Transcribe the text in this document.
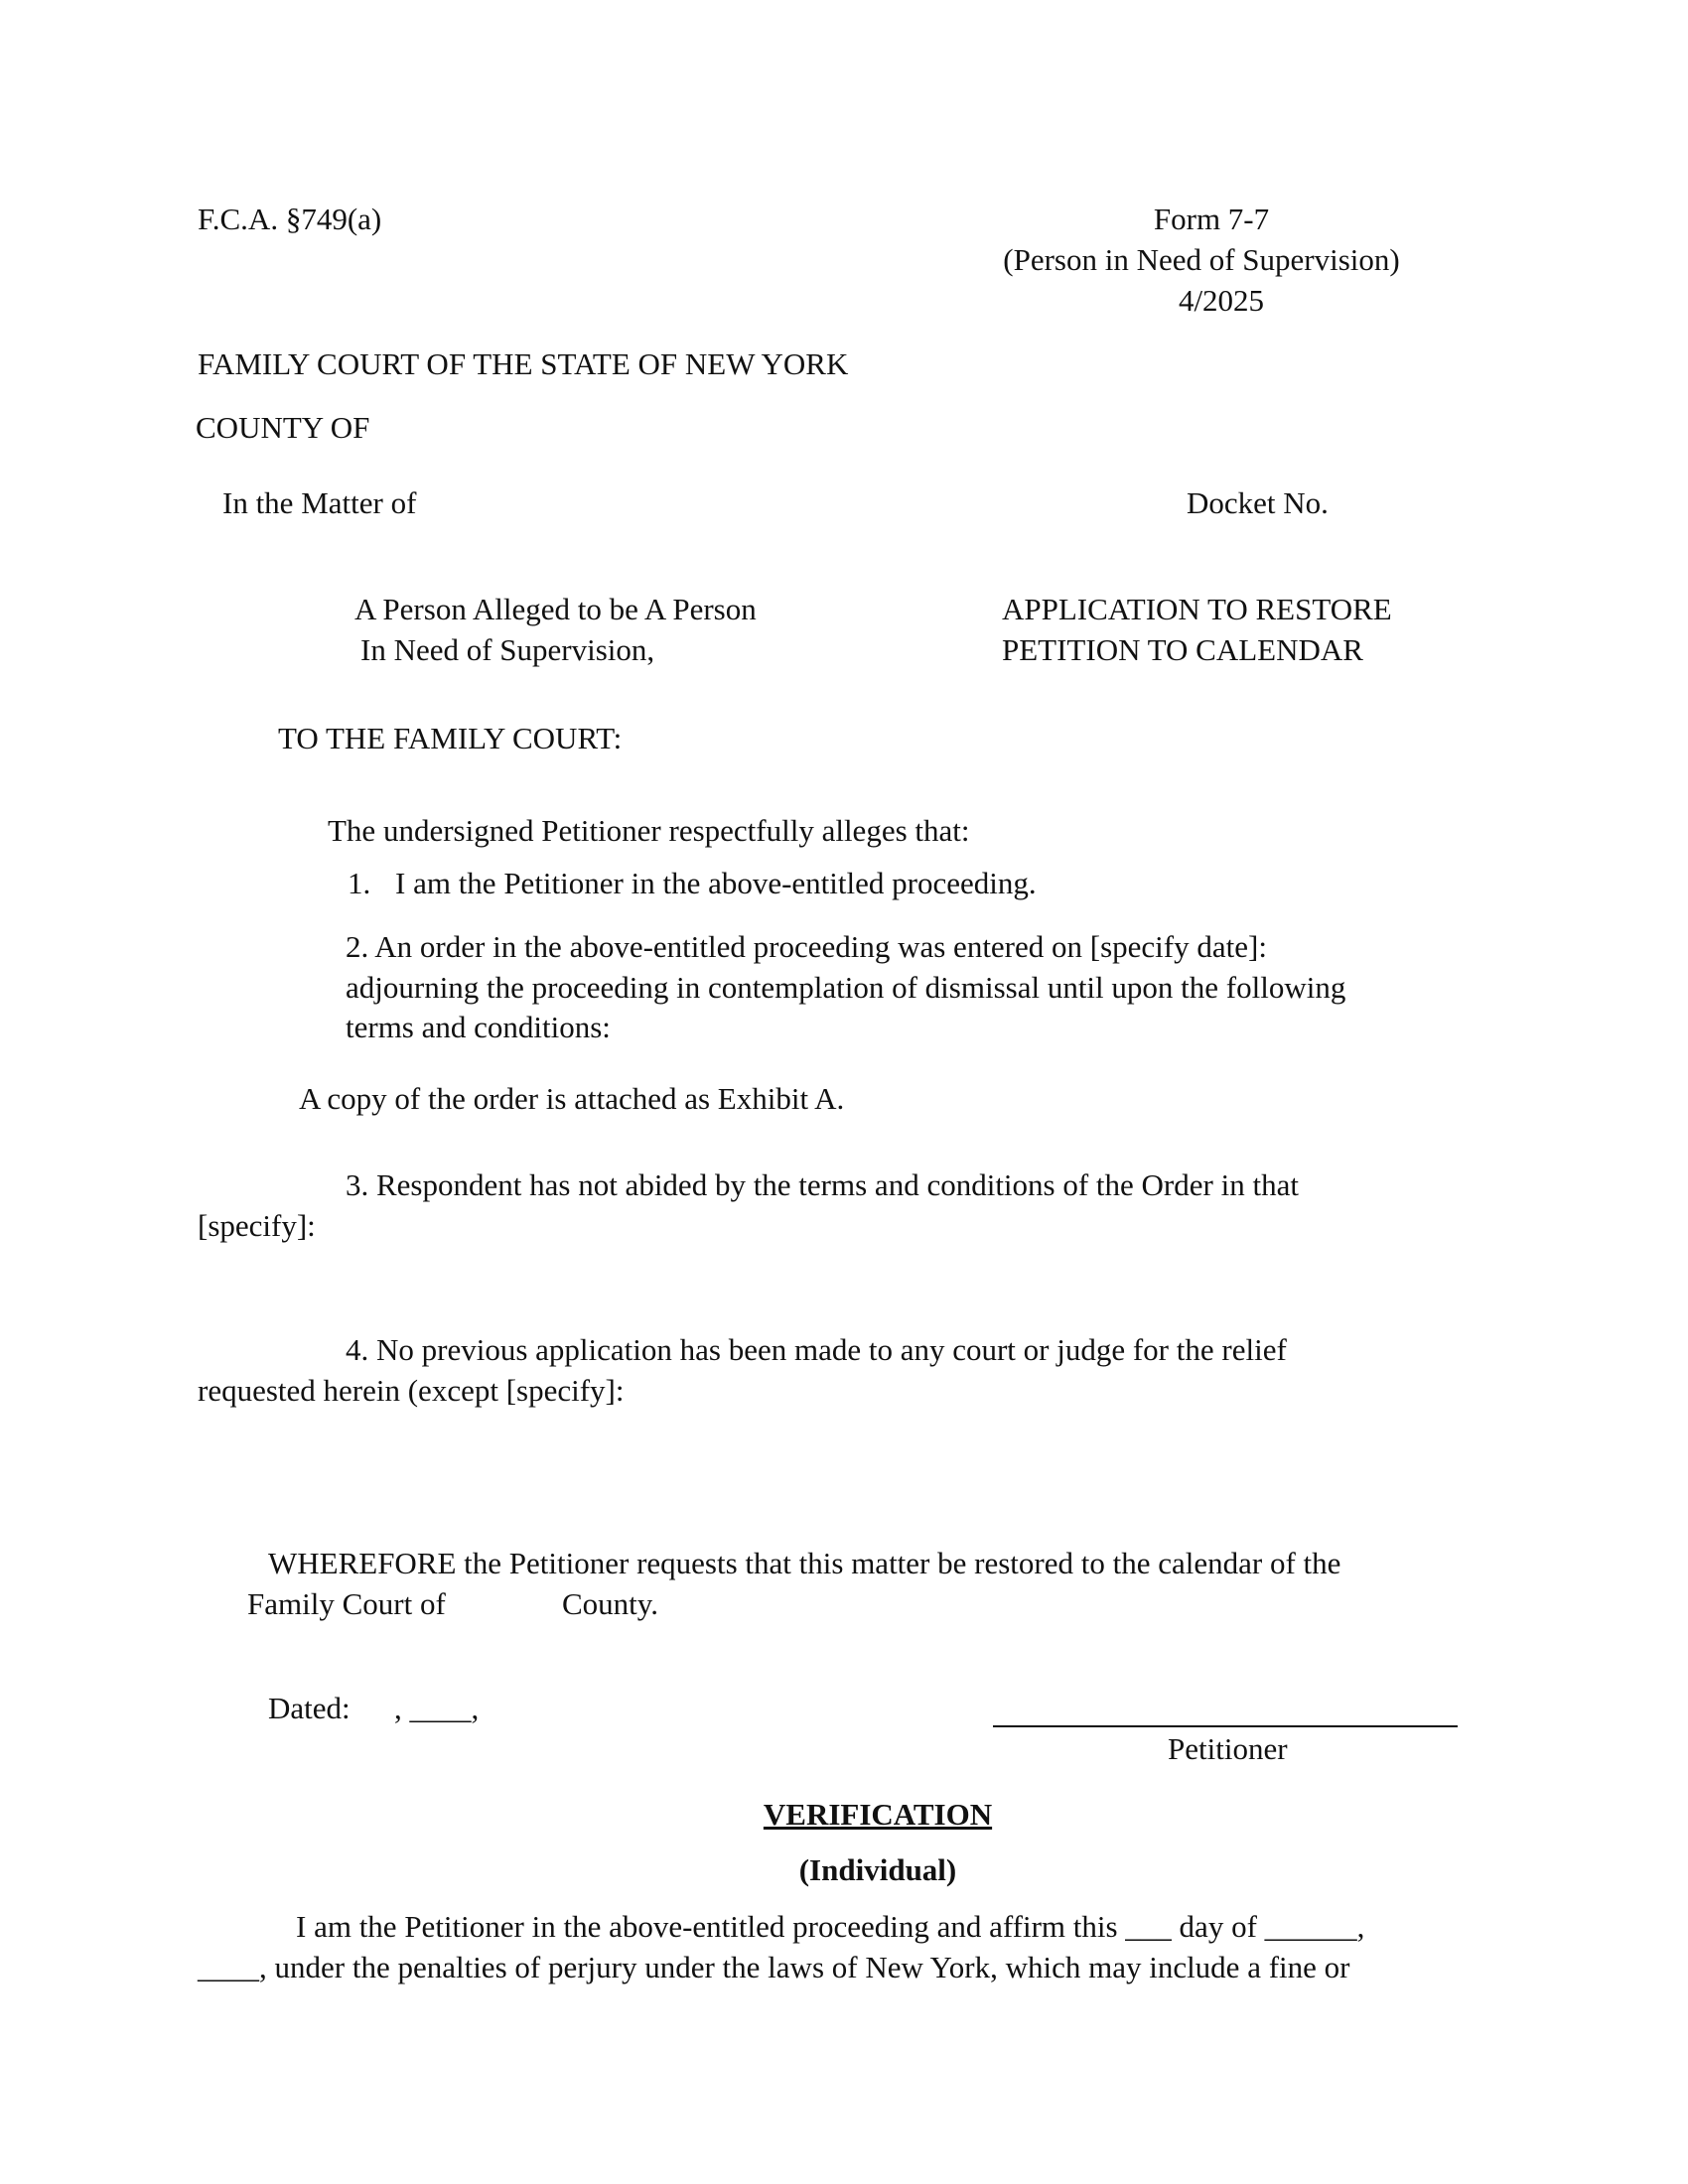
F.C.A. §749(a)	Form 7-7
(Person in Need of Supervision)
4/2025
FAMILY COURT OF THE STATE OF NEW YORK
COUNTY OF
In the Matter of	Docket No.
A Person Alleged to be A Person
In Need of Supervision,
APPLICATION TO RESTORE
PETITION TO CALENDAR
TO THE FAMILY COURT:
The undersigned Petitioner respectfully alleges that:
1. I am the Petitioner in the above-entitled proceeding.
2. An order in the above-entitled proceeding was entered on [specify date]:
adjourning the proceeding in contemplation of dismissal until upon the following
terms and conditions:
A copy of the order is attached as Exhibit A.
3. Respondent has not abided by the terms and conditions of the Order in that
[specify]:
4. No previous application has been made to any court or judge for the relief
requested herein (except [specify]:
WHEREFORE the Petitioner requests that this matter be restored to the calendar of the
Family Court of	County.
Dated: , ____,
Petitioner
VERIFICATION
(Individual)
I am the Petitioner in the above-entitled proceeding and affirm this ___ day of ______,
____, under the penalties of perjury under the laws of New York, which may include a fine or
